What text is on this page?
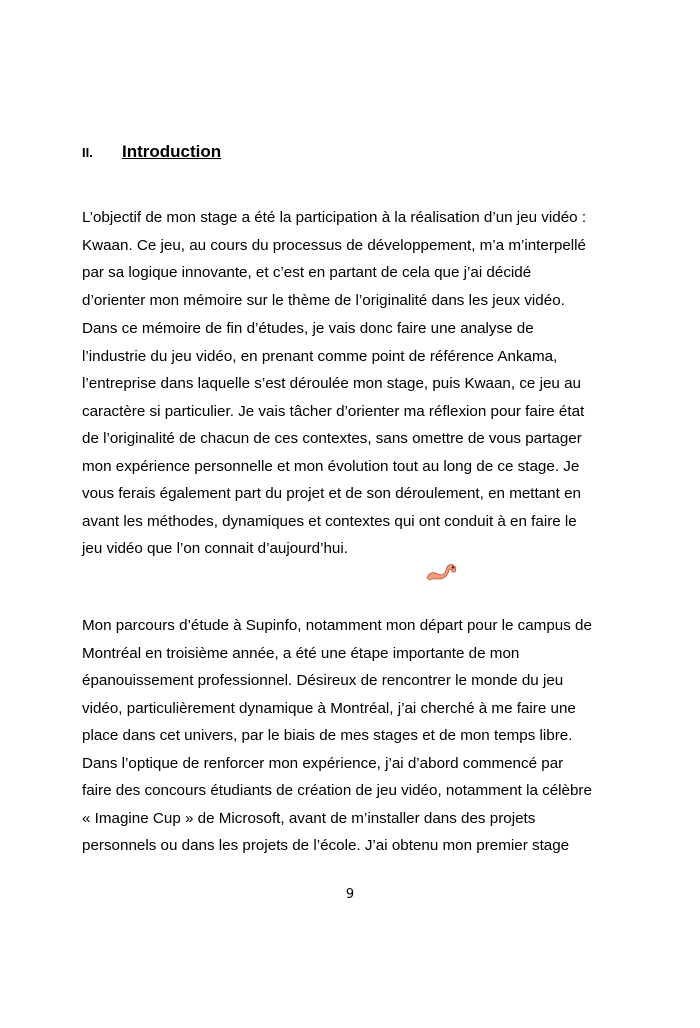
II.	Introduction

L’objectif de mon stage a été la participation à la réalisation d’un jeu vidéo :
Kwaan. Ce jeu, au cours du processus de développement, m’a m’interpellé
par sa logique innovante, et c’est en partant de cela que j’ai décidé
d’orienter mon mémoire sur le thème de l’originalité dans les jeux vidéo.

Dans ce mémoire de fin d’études, je vais donc faire une analyse de
l’industrie du jeu vidéo, en prenant comme point de référence Ankama,
l’entreprise dans laquelle s’est déroulée mon stage, puis Kwaan, ce jeu au
caractère si particulier. Je vais tâcher d’orienter ma réflexion pour faire état
de l’originalité de chacun de ces contextes, sans omettre de vous partager
mon expérience personnelle et mon évolution tout au long de ce stage. Je
vous ferais également part du projet et de son déroulement, en mettant en
avant les méthodes, dynamiques et contextes qui ont conduit à en faire le
jeu vidéo que l’on connait d’aujourd’hui.

Mon parcours d’étude à Supinfo, notamment mon départ pour le campus de
Montréal en troisième année, a été une étape importante de mon
épanouissement professionnel. Désireux de rencontrer le monde du jeu
vidéo, particulièrement dynamique à Montréal, j’ai cherché à me faire une
place dans cet univers, par le biais de mes stages et de mon temps libre.
Dans l’optique de renforcer mon expérience, j’ai d’abord commencé par
faire des concours étudiants de création de jeu vidéo, notamment la célèbre
« Imagine Cup » de Microsoft, avant de m’installer dans des projets
personnels ou dans les projets de l’école. J’ai obtenu mon premier stage

9
